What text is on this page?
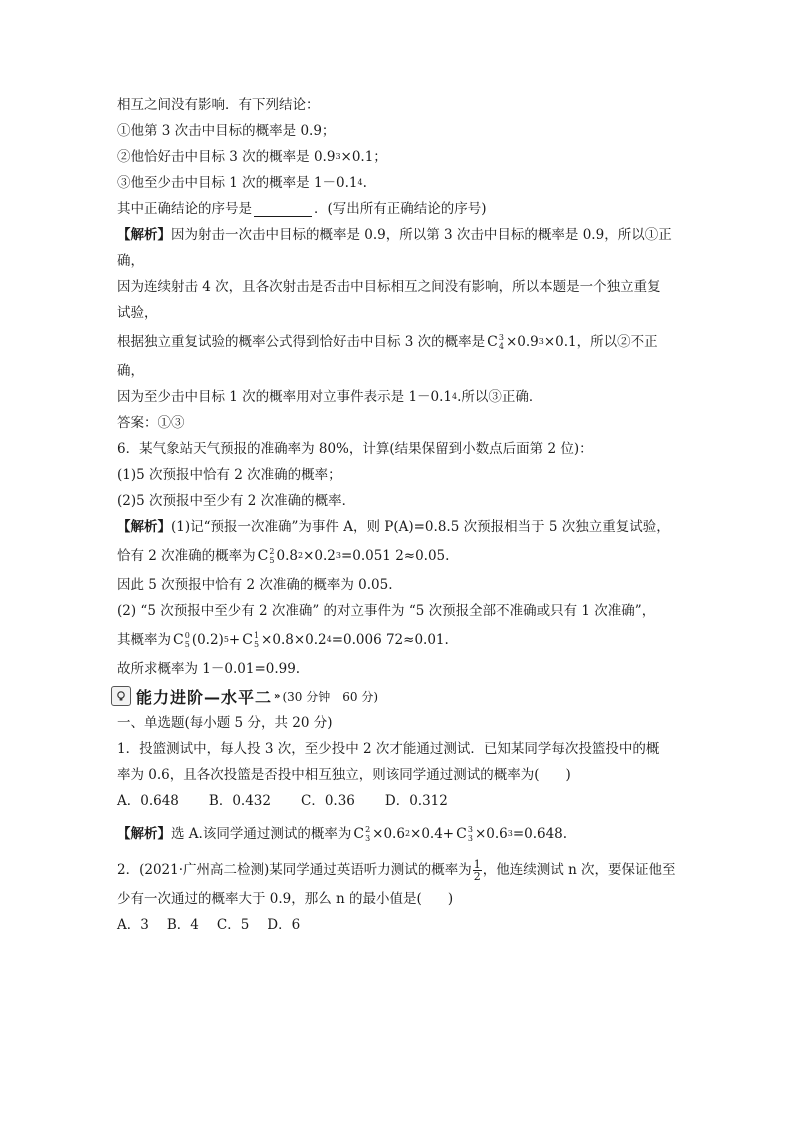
相互之间没有影响．有下列结论：
①他第 3 次击中目标的概率是 0.9；
②他恰好击中目标 3 次的概率是 0.9 3 ×0.1；
③他至少击中目标 1 次的概率是 1－0.1 4 .
其中正确结论的序号是	．(写出所有正确结论的序号)
【解析】 因为射击一次击中目标的概率是 0.9，所以第 3 次击中目标的概率是 0.9，所以①正
确，
因为连续射击 4 次，且各次射击是否击中目标相互之间没有影响，所以本题是一个独立重复
试验，
根据独立重复试验的概率公式得到恰好击中目标 3 次的概率是 C 3
4 ×0.9 3 ×0.1，所以②不正
确，
因为至少击中目标 1 次的概率用对立事件表示是 1－0.1 4 .所以③正确．
答案：①③
6．某气象站天气预报的准确率为 80%，计算(结果保留到小数点后面第 2 位)：
(1)5 次预报中恰有 2 次准确的概率；
(2)5 次预报中至少有 2 次准确的概率．
【解析】 (1)记“预报一次准确”为事件 A，则 P(A)=0.8.5 次预报相当于 5 次独立重复试验，
恰有 2 次准确的概率为 C 2
5 0.8 2 ×0.2 3 =0.051 2≈0.05.
因此 5 次预报中恰有 2 次准确的概率为 0.05.
(2) “5 次预报中至少有 2 次准确” 的对立事件为 “5 次预报全部不准确或只有 1 次准确”，
其概率为 C 0
5 (0.2) 5 + C 1
5 ×0.8×0.2 4 =0.006 72≈0.01.
故所求概率为 1－0.01=0.99.
能力进阶—水平二 » (30 分钟　60 分)
一、单选题(每小题 5 分，共 20 分)
1．投篮测试中，每人投 3 次，至少投中 2 次才能通过测试．已知某同学每次投篮投中的概
率为 0.6，且各次投篮是否投中相互独立，则该同学通过测试的概率为( )
A．0.648 B．0.432 C．0.36 D．0.312
【解析】 选 A.该同学通过测试的概率为 C 2
3 ×0.6 2 ×0.4+ C 3
3 ×0.6 3 =0.648.
2．(2021·广州高二检测)某同学通过英语听力测试的概率为 $\frac{1}{2}$ ，他连续测试 n 次，要保证他至
少有一次通过的概率大于 0.9，那么 n 的最小值是( )
A．3 B．4 C．5 D．6
